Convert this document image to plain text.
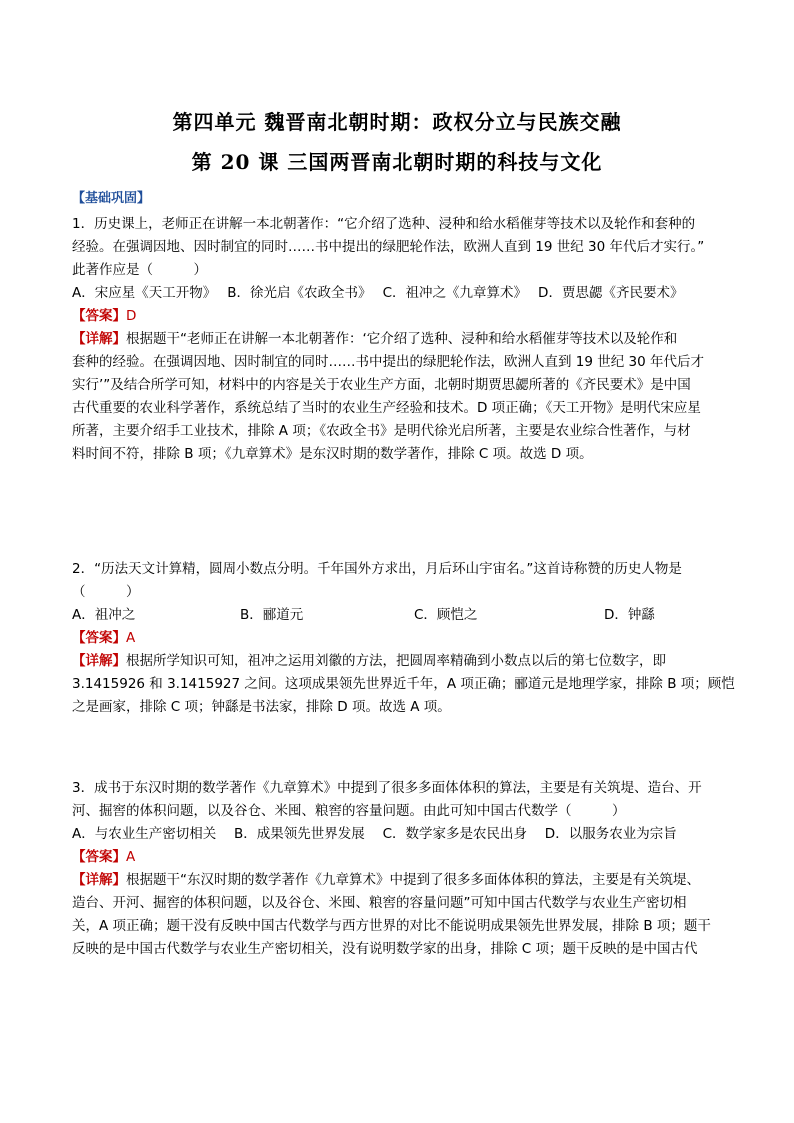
第四单元 魏晋南北朝时期：政权分立与民族交融
第 20 课 三国两晋南北朝时期的科技与文化
【基础巩固】

1．历史课上，老师正在讲解一本北朝著作：“它介绍了选种、浸种和给水稻催芽等技术以及轮作和套种的

经验。在强调因地、因时制宜的同时……书中提出的绿肥轮作法，欧洲人直到 19 世纪 30 年代后才实行。”

此著作应是（　　　）

A．宋应星《天工开物》　 B．徐光启《农政全书》　 C．祖冲之《九章算术》　 D．贾思勰《齐民要术》

【答案】D

【详解】根据题干“老师正在讲解一本北朝著作：‘它介绍了选种、浸种和给水稻催芽等技术以及轮作和

套种的经验。在强调因地、因时制宜的同时……书中提出的绿肥轮作法，欧洲人直到 19 世纪 30 年代后才

实行’”及结合所学可知，材料中的内容是关于农业生产方面，北朝时期贾思勰所著的《齐民要术》是中国

古代重要的农业科学著作，系统总结了当时的农业生产经验和技术。D 项正确；《天工开物》是明代宋应星

所著，主要介绍手工业技术，排除 A 项；《农政全书》是明代徐光启所著，主要是农业综合性著作，与材

料时间不符，排除 B 项；《九章算术》是东汉时期的数学著作，排除 C 项。故选 D 项。

2．“历法天文计算精，圆周小数点分明。千年国外方求出，月后环山宇宙名。”这首诗称赞的历史人物是

（　　　）

A．祖冲之	B．郦道元	C．顾恺之	D．钟繇

【答案】A

【详解】根据所学知识可知，祖冲之运用刘徽的方法，把圆周率精确到小数点以后的第七位数字，即

3.1415926 和 3.1415927 之间。这项成果领先世界近千年，A 项正确；郦道元是地理学家，排除 B 项；顾恺

之是画家，排除 C 项；钟繇是书法家，排除 D 项。故选 A 项。

3．成书于东汉时期的数学著作《九章算术》中提到了很多多面体体积的算法，主要是有关筑堤、造台、开

河、掘窖的体积问题，以及谷仓、米囤、粮窖的容量问题。由此可知中国古代数学（　　　）

A．与农业生产密切相关　 B．成果领先世界发展　 C．数学家多是农民出身　 D．以服务农业为宗旨

【答案】A

【详解】根据题干“东汉时期的数学著作《九章算术》中提到了很多多面体体积的算法，主要是有关筑堤、

造台、开河、掘窖的体积问题，以及谷仓、米囤、粮窖的容量问题”可知中国古代数学与农业生产密切相

关，A 项正确；题干没有反映中国古代数学与西方世界的对比不能说明成果领先世界发展，排除 B 项；题干

反映的是中国古代数学与农业生产密切相关，没有说明数学家的出身，排除 C 项；题干反映的是中国古代
